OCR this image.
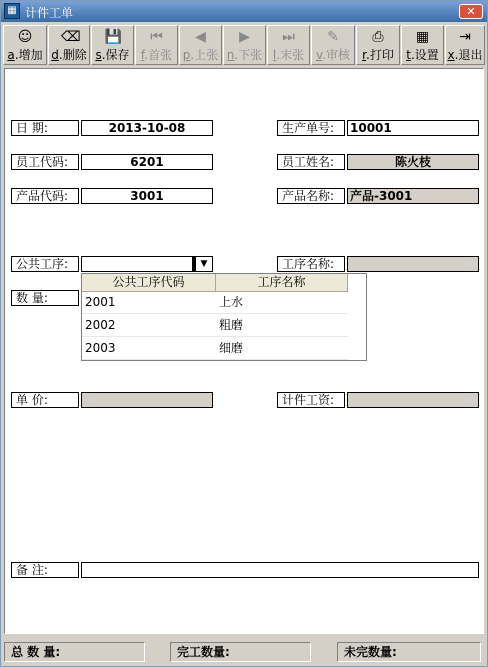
▦ 计件工单	✕
☺
a.增加
⌫
d.删除
💾
s.保存
⏮
f.首张
◀
p.上张
▶
n.下张
⏭
l.末张
✎
v.审核
⎙
r.打印
▦
t.设置
⇥
x.退出
日 期:	2013-10-08	生产单号:	10001
员工代码:	6201	员工姓名:	陈火枝
产品代码:	3001	产品名称:	产品-3001
公共工序:	▼	工序名称:
数 量:
公共工序代码	工序名称
2001	上水
2002	粗磨
2003	细磨
单 价:	计件工资:
备 注:
总 数 量:	完工数量:	未完数量:
